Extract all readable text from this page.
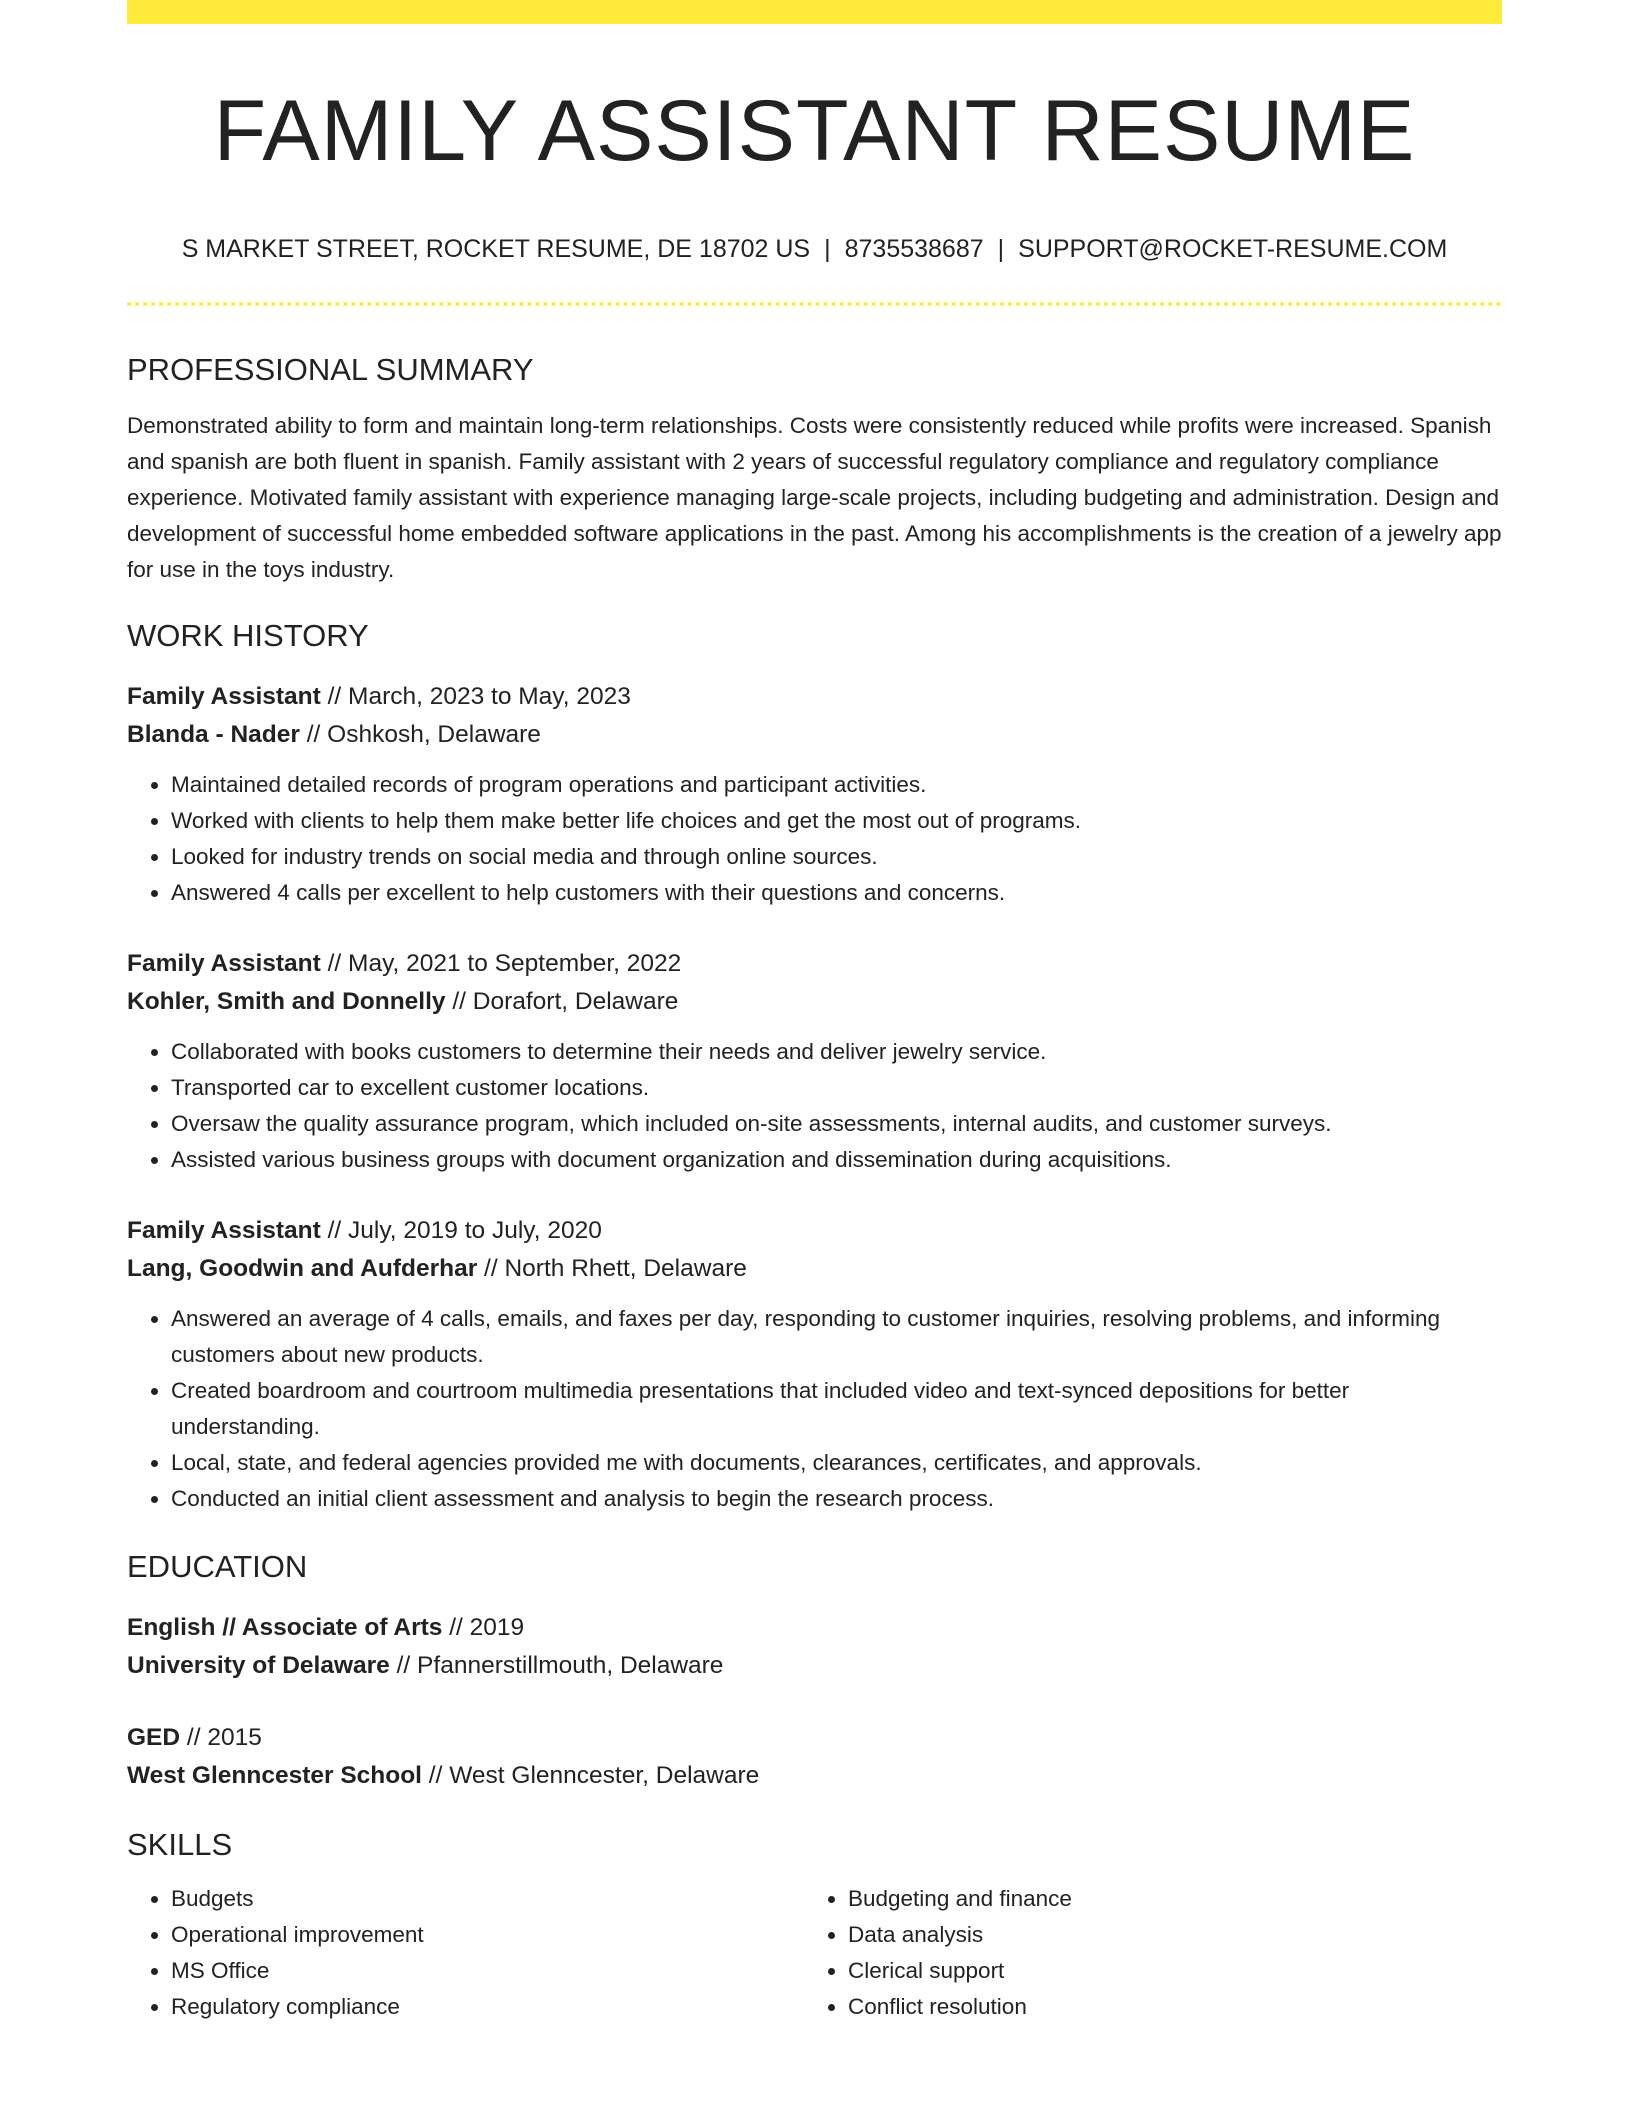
FAMILY ASSISTANT RESUME
S MARKET STREET, ROCKET RESUME, DE 18702 US | 8735538687 | SUPPORT@ROCKET-RESUME.COM
PROFESSIONAL SUMMARY
Demonstrated ability to form and maintain long-term relationships. Costs were consistently reduced while profits were increased. Spanish and spanish are both fluent in spanish. Family assistant with 2 years of successful regulatory compliance and regulatory compliance experience. Motivated family assistant with experience managing large-scale projects, including budgeting and administration. Design and development of successful home embedded software applications in the past. Among his accomplishments is the creation of a jewelry app for use in the toys industry.
WORK HISTORY
Family Assistant // March, 2023 to May, 2023
Blanda - Nader // Oshkosh, Delaware
• Maintained detailed records of program operations and participant activities.
• Worked with clients to help them make better life choices and get the most out of programs.
• Looked for industry trends on social media and through online sources.
• Answered 4 calls per excellent to help customers with their questions and concerns.
Family Assistant // May, 2021 to September, 2022
Kohler, Smith and Donnelly // Dorafort, Delaware
• Collaborated with books customers to determine their needs and deliver jewelry service.
• Transported car to excellent customer locations.
• Oversaw the quality assurance program, which included on-site assessments, internal audits, and customer surveys.
• Assisted various business groups with document organization and dissemination during acquisitions.
Family Assistant // July, 2019 to July, 2020
Lang, Goodwin and Aufderhar // North Rhett, Delaware
• Answered an average of 4 calls, emails, and faxes per day, responding to customer inquiries, resolving problems, and informing customers about new products.
• Created boardroom and courtroom multimedia presentations that included video and text-synced depositions for better understanding.
• Local, state, and federal agencies provided me with documents, clearances, certificates, and approvals.
• Conducted an initial client assessment and analysis to begin the research process.
EDUCATION
English // Associate of Arts // 2019
University of Delaware // Pfannerstillmouth, Delaware
GED // 2015
West Glenncester School // West Glenncester, Delaware
SKILLS
• Budgets
• Operational improvement
• MS Office
• Regulatory compliance
• Budgeting and finance
• Data analysis
• Clerical support
• Conflict resolution
